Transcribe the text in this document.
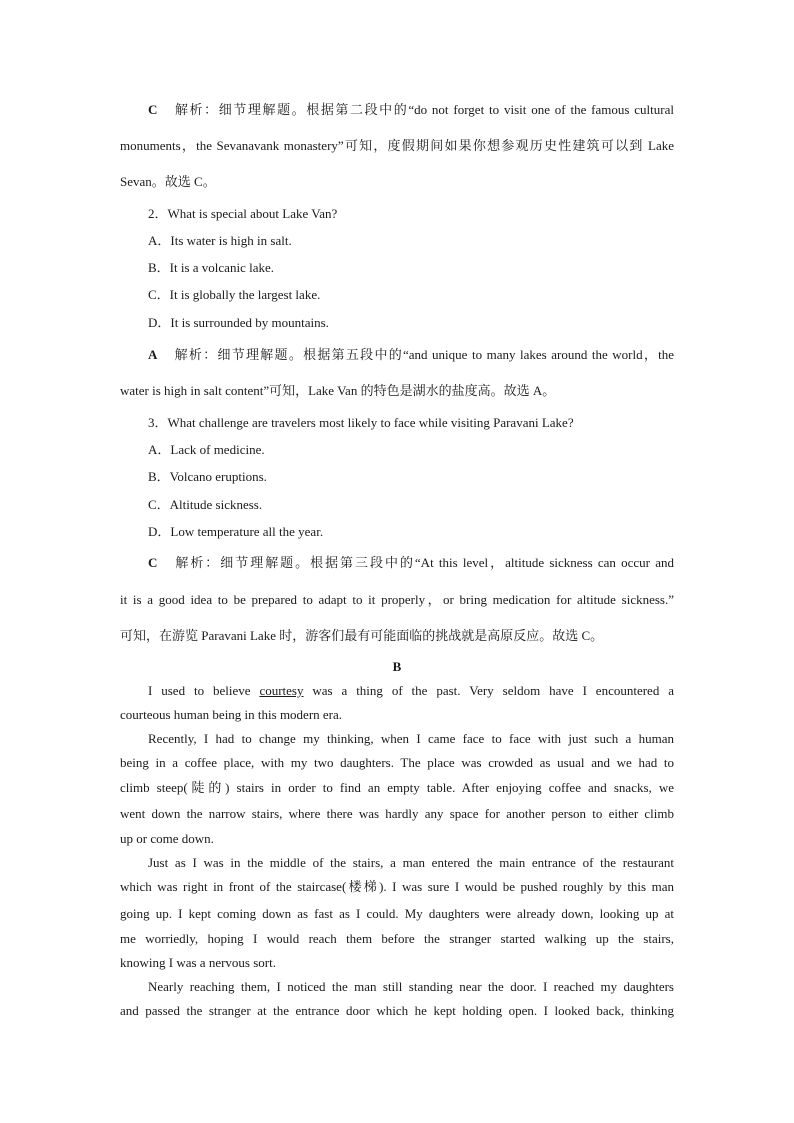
C 解析：细节理解题。根据第二段中的“do not forget to visit one of the famous cultural
monuments，the Sevanavank monastery”可知，度假期间如果你想参观历史性建筑可以到 Lake
Sevan。故选 C。
2．What is special about Lake Van?
A．Its water is high in salt.
B．It is a volcanic lake.
C．It is globally the largest lake.
D．It is surrounded by mountains.
A 解析：细节理解题。根据第五段中的“and unique to many lakes around the world，the
water is high in salt content”可知，Lake Van 的特色是湖水的盐度高。故选 A。
3．What challenge are travelers most likely to face while visiting Paravani Lake?
A．Lack of medicine.
B．Volcano eruptions.
C．Altitude sickness.
D．Low temperature all the year.
C 解析：细节理解题。根据第三段中的“At this level，altitude sickness can occur and
it is a good idea to be prepared to adapt to it properly，or bring medication for altitude sickness.”
可知，在游览 Paravani Lake 时，游客们最有可能面临的挑战就是高原反应。故选 C。
B
I used to believe courtesy was a thing of the past. Very seldom have I encountered a
courteous human being in this modern era.
Recently, I had to change my thinking, when I came face to face with just such a human
being in a coffee place, with my two daughters. The place was crowded as usual and we had to
climb steep(陡的) stairs in order to find an empty table. After enjoying coffee and snacks, we
went down the narrow stairs, where there was hardly any space for another person to either climb
up or come down.
Just as I was in the middle of the stairs, a man entered the main entrance of the restaurant
which was right in front of the staircase(楼梯). I was sure I would be pushed roughly by this man
going up. I kept coming down as fast as I could. My daughters were already down, looking up at
me worriedly, hoping I would reach them before the stranger started walking up the stairs,
knowing I was a nervous sort.
Nearly reaching them, I noticed the man still standing near the door. I reached my daughters
and passed the stranger at the entrance door which he kept holding open. I looked back, thinking
